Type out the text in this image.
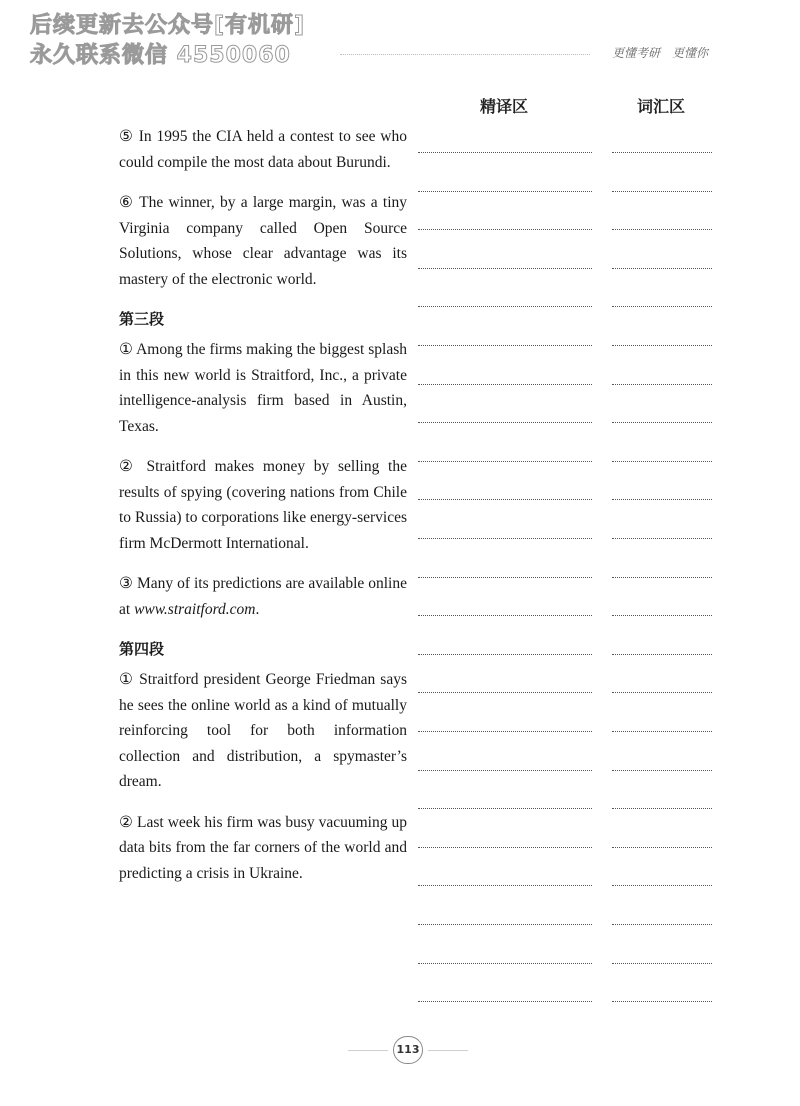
后续更新去公众号[有机研]
永久联系微信 4550060	更懂考研　更懂你
精译区	词汇区

⑤ In 1995 the CIA held a contest to see who could compile the most data about Burundi.

⑥ The winner, by a large margin, was a tiny Virginia company called Open Source Solutions, whose clear advantage was its mastery of the electronic world.

第三段

① Among the firms making the biggest splash in this new world is Straitford, Inc., a private intelligence-analysis firm based in Austin, Texas.

② Straitford makes money by selling the results of spying (covering nations from Chile to Russia) to corporations like energy-services firm McDermott International.

③ Many of its predictions are available online at www.straitford.com.

第四段

① Straitford president George Friedman says he sees the online world as a kind of mutually reinforcing tool for both information collection and distribution, a spymaster’s dream.

② Last week his firm was busy vacuuming up data bits from the far corners of the world and predicting a crisis in Ukraine.

113
